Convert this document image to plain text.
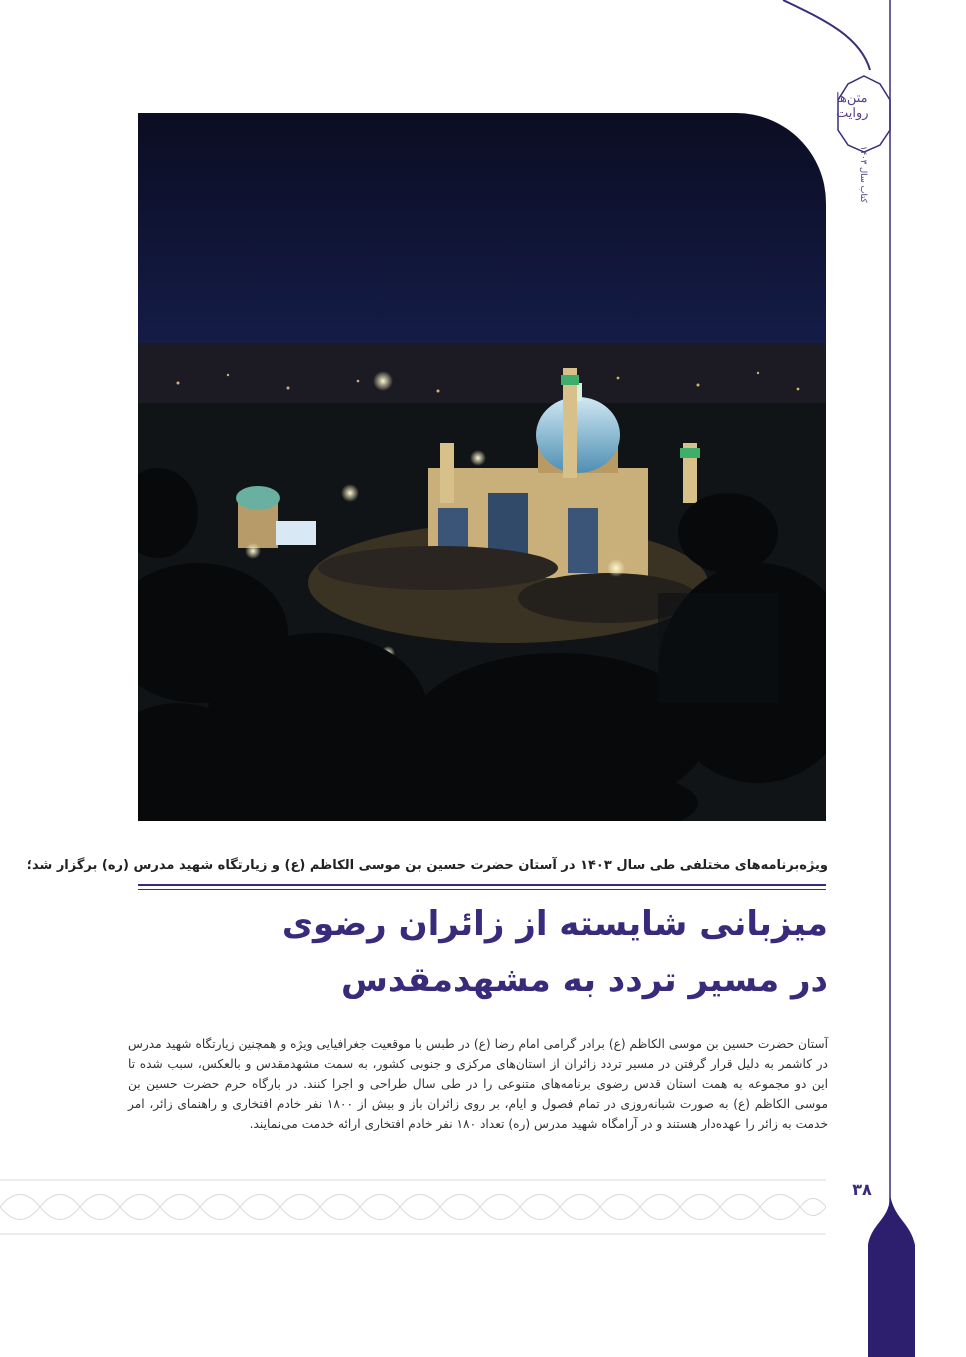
متن‌ها روایت
کتاب سال ۱۴۰۳
ویژه‌برنامه‌های مختلفی طی سال ۱۴۰۳ در آستان حضرت حسین بن موسی الکاظم (ع) و زیارتگاه شهید مدرس (ره) برگزار شد؛
میزبانی شایسته از زائران رضوی
در مسیر تردد به مشهدمقدس

آستان حضرت حسین بن موسی الکاظم (ع) برادر گرامی امام رضا (ع) در طبس با موقعیت جغرافیایی ویژه و همچنین زیارتگاه شهید مدرس در کاشمر به دلیل قرار گرفتن در مسیر تردد زائران از استان‌های مرکزی و جنوبی کشور، به سمت مشهدمقدس و بالعکس، سبب شده تا این دو مجموعه به همت استان قدس رضوی برنامه‌های متنوعی را در طی سال طراحی و اجرا کنند. در بارگاه حرم حضرت حسین بن موسی الکاظم (ع) به صورت شبانه‌روزی در تمام فصول و ایام، بر روی زائران باز و بیش از ۱۸۰۰ نفر خادم افتخاری و راهنمای زائر، امر خدمت به زائر را عهده‌دار هستند و در آرامگاه شهید مدرس (ره) تعداد ۱۸۰ نفر خادم افتخاری ارائه خدمت می‌نمایند.

۳۸
